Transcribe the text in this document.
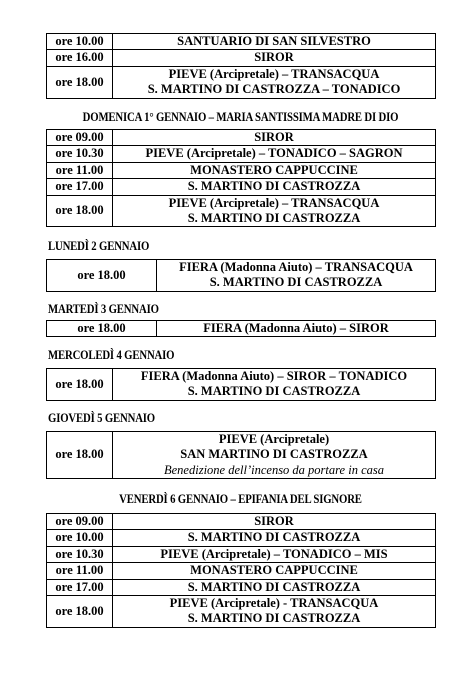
ore 10.00	SANTUARIO DI SAN SILVESTRO

ore 16.00	SIROR

ore 18.00	PIEVE (Arcipretale) – TRANSACQUA
S. MARTINO DI CASTROZZA – TONADICO
DOMENICA 1° GENNAIO – MARIA SANTISSIMA MADRE DI DIO
ore 09.00	SIROR

ore 10.30	PIEVE (Arcipretale) – TONADICO – SAGRON

ore 11.00	MONASTERO CAPPUCCINE

ore 17.00	S. MARTINO DI CASTROZZA

ore 18.00	PIEVE (Arcipretale) – TRANSACQUA
S. MARTINO DI CASTROZZA
LUNEDÌ 2 GENNAIO
ore 18.00	
FIERA (Madonna Aiuto) – TRANSACQUA
S. MARTINO DI CASTROZZA
MARTEDÌ 3 GENNAIO
ore 18.00	FIERA (Madonna Aiuto) – SIROR
MERCOLEDÌ 4 GENNAIO
ore 18.00	
FIERA (Madonna Aiuto) – SIROR – TONADICO
S. MARTINO DI CASTROZZA
GIOVEDÌ 5 GENNAIO
ore 18.00	
PIEVE (Arcipretale)
SAN MARTINO DI CASTROZZA
Benedizione dell’incenso da portare in casa
VENERDÌ 6 GENNAIO – EPIFANIA DEL SIGNORE
ore 09.00	SIROR

ore 10.00	S. MARTINO DI CASTROZZA

ore 10.30	PIEVE (Arcipretale) – TONADICO – MIS

ore 11.00	MONASTERO CAPPUCCINE

ore 17.00	S. MARTINO DI CASTROZZA

ore 18.00	PIEVE (Arcipretale) - TRANSACQUA
S. MARTINO DI CASTROZZA
